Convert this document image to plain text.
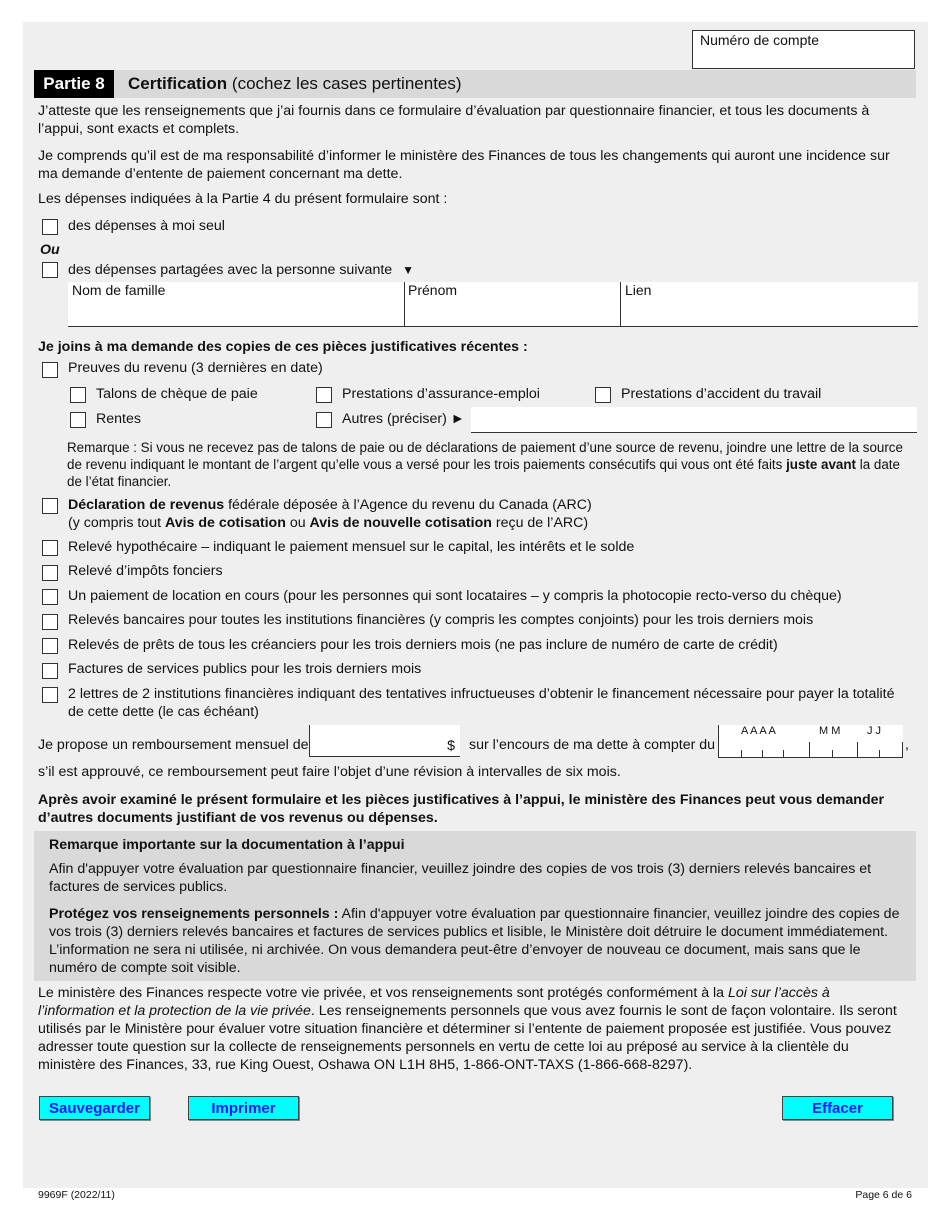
Numéro de compte
Partie 8	Certification (cochez les cases pertinentes)
J’atteste que les renseignements que j’ai fournis dans ce formulaire d’évaluation par questionnaire financier, et tous les documents à l’appui, sont exacts et complets.
Je comprends qu’il est de ma responsabilité d’informer le ministère des Finances de tous les changements qui auront une incidence sur ma demande d’entente de paiement concernant ma dette.
Les dépenses indiquées à la Partie 4 du présent formulaire sont :
des dépenses à moi seul
Ou
des dépenses partagées avec la personne suivante ▼
Nom de famille	Prénom	Lien
Je joins à ma demande des copies de ces pièces justificatives récentes :
Preuves du revenu (3 dernières en date)
Talons de chèque de paie	Prestations d’assurance-emploi	Prestations d’accident du travail
Rentes	Autres (préciser) ►
Remarque : Si vous ne recevez pas de talons de paie ou de déclarations de paiement d’une source de revenu, joindre une lettre de la source de revenu indiquant le montant de l’argent qu’elle vous a versé pour les trois paiements consécutifs qui vous ont été faits juste avant la date de l’état financier.
Déclaration de revenus fédérale déposée à l’Agence du revenu du Canada (ARC)
(y compris tout Avis de cotisation ou Avis de nouvelle cotisation reçu de l’ARC)
Relevé hypothécaire – indiquant le paiement mensuel sur le capital, les intérêts et le solde
Relevé d’impôts fonciers
Un paiement de location en cours (pour les personnes qui sont locataires – y compris la photocopie recto-verso du chèque)
Relevés bancaires pour toutes les institutions financières (y compris les comptes conjoints) pour les trois derniers mois
Relevés de prêts de tous les créanciers pour les trois derniers mois (ne pas inclure de numéro de carte de crédit)
Factures de services publics pour les trois derniers mois
2 lettres de 2 institutions financières indiquant des tentatives infructueuses d’obtenir le financement nécessaire pour payer la totalité de cette dette (le cas échéant)
Je propose un remboursement mensuel de	$ sur l’encours de ma dette à compter du
A A A A	M M J J
,
s’il est approuvé, ce remboursement peut faire l’objet d’une révision à intervalles de six mois.
Après avoir examiné le présent formulaire et les pièces justificatives à l’appui, le ministère des Finances peut vous demander d’autres documents justifiant de vos revenus ou dépenses.
Remarque importante sur la documentation à l’appui
Afin d'appuyer votre évaluation par questionnaire financier, veuillez joindre des copies de vos trois (3) derniers relevés bancaires et factures de services publics.
Protégez vos renseignements personnels : Afin d'appuyer votre évaluation par questionnaire financier, veuillez joindre des copies de vos trois (3) derniers relevés bancaires et factures de services publics et lisible, le Ministère doit détruire le document immédiatement. L’information ne sera ni utilisée, ni archivée. On vous demandera peut-être d’envoyer de nouveau ce document, mais sans que le numéro de compte soit visible.
Le ministère des Finances respecte votre vie privée, et vos renseignements sont protégés conformément à la Loi sur l’accès à l’information et la protection de la vie privée. Les renseignements personnels que vous avez fournis le sont de façon volontaire. Ils seront utilisés par le Ministère pour évaluer votre situation financière et déterminer si l’entente de paiement proposée est justifiée. Vous pouvez adresser toute question sur la collecte de renseignements personnels en vertu de cette loi au préposé au service à la clientèle du ministère des Finances, 33, rue King Ouest, Oshawa ON L1H 8H5, 1-866-ONT-TAXS (1-866-668-8297).
Sauvegarder	Imprimer	Effacer
9969F (2022/11)	Page 6 de 6
